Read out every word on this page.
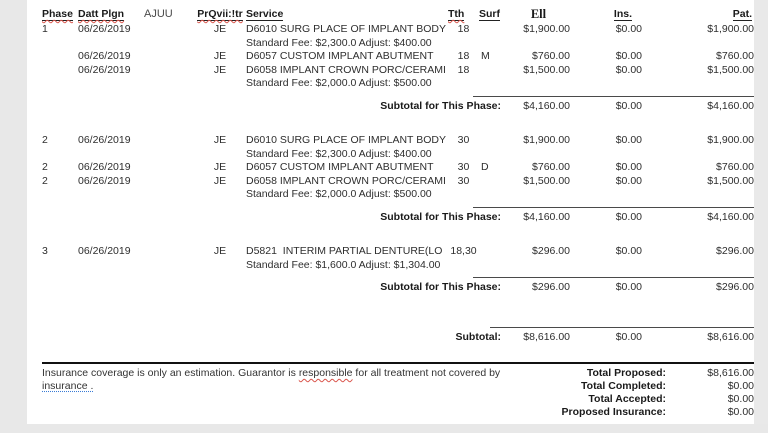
Phase Datt Plgn AJUU PrQvii:!tr Service	Tth Surf Ell	Ins.	Pat.
1	06/26/2019	JE	D6010 SURG PLACE OF IMPLANT BODY	18	$1,900.00	$0.00	$1,900.00
Standard Fee: $2,300.0 Adjust: $400.00
06/26/2019	JE	D6057 CUSTOM IMPLANT ABUTMENT	18	M	$760.00	$0.00	$760.00
06/26/2019	JE	D6058 IMPLANT CROWN PORC/CERAMI	18	$1,500.00	$0.00	$1,500.00
Standard Fee: $2,000.0 Adjust: $500.00
Subtotal for This Phase:	$4,160.00	$0.00	$4,160.00
2	06/26/2019	JE	D6010 SURG PLACE OF IMPLANT BODY	30	$1,900.00	$0.00	$1,900.00
Standard Fee: $2,300.0 Adjust: $400.00
2	06/26/2019	JE	D6057 CUSTOM IMPLANT ABUTMENT	30	D	$760.00	$0.00	$760.00
2	06/26/2019	JE	D6058 IMPLANT CROWN PORC/CERAMI	30	$1,500.00	$0.00	$1,500.00
Standard Fee: $2,000.0 Adjust: $500.00
Subtotal for This Phase:	$4,160.00	$0.00	$4,160.00
3	06/26/2019	JE	D5821  INTERIM PARTIAL DENTURE(LO 18,30	$296.00	$0.00	$296.00
Standard Fee: $1,600.0 Adjust: $1,304.00
Subtotal for This Phase:	$296.00	$0.00	$296.00
Subtotal:	$8,616.00	$0.00	$8,616.00
Insurance coverage is only an estimation. Guarantor is responsible for all treatment not covered by
insurance .
Total Proposed:	$8,616.00
Total Completed:	$0.00
Total Accepted:	$0.00
Proposed Insurance:	$0.00
